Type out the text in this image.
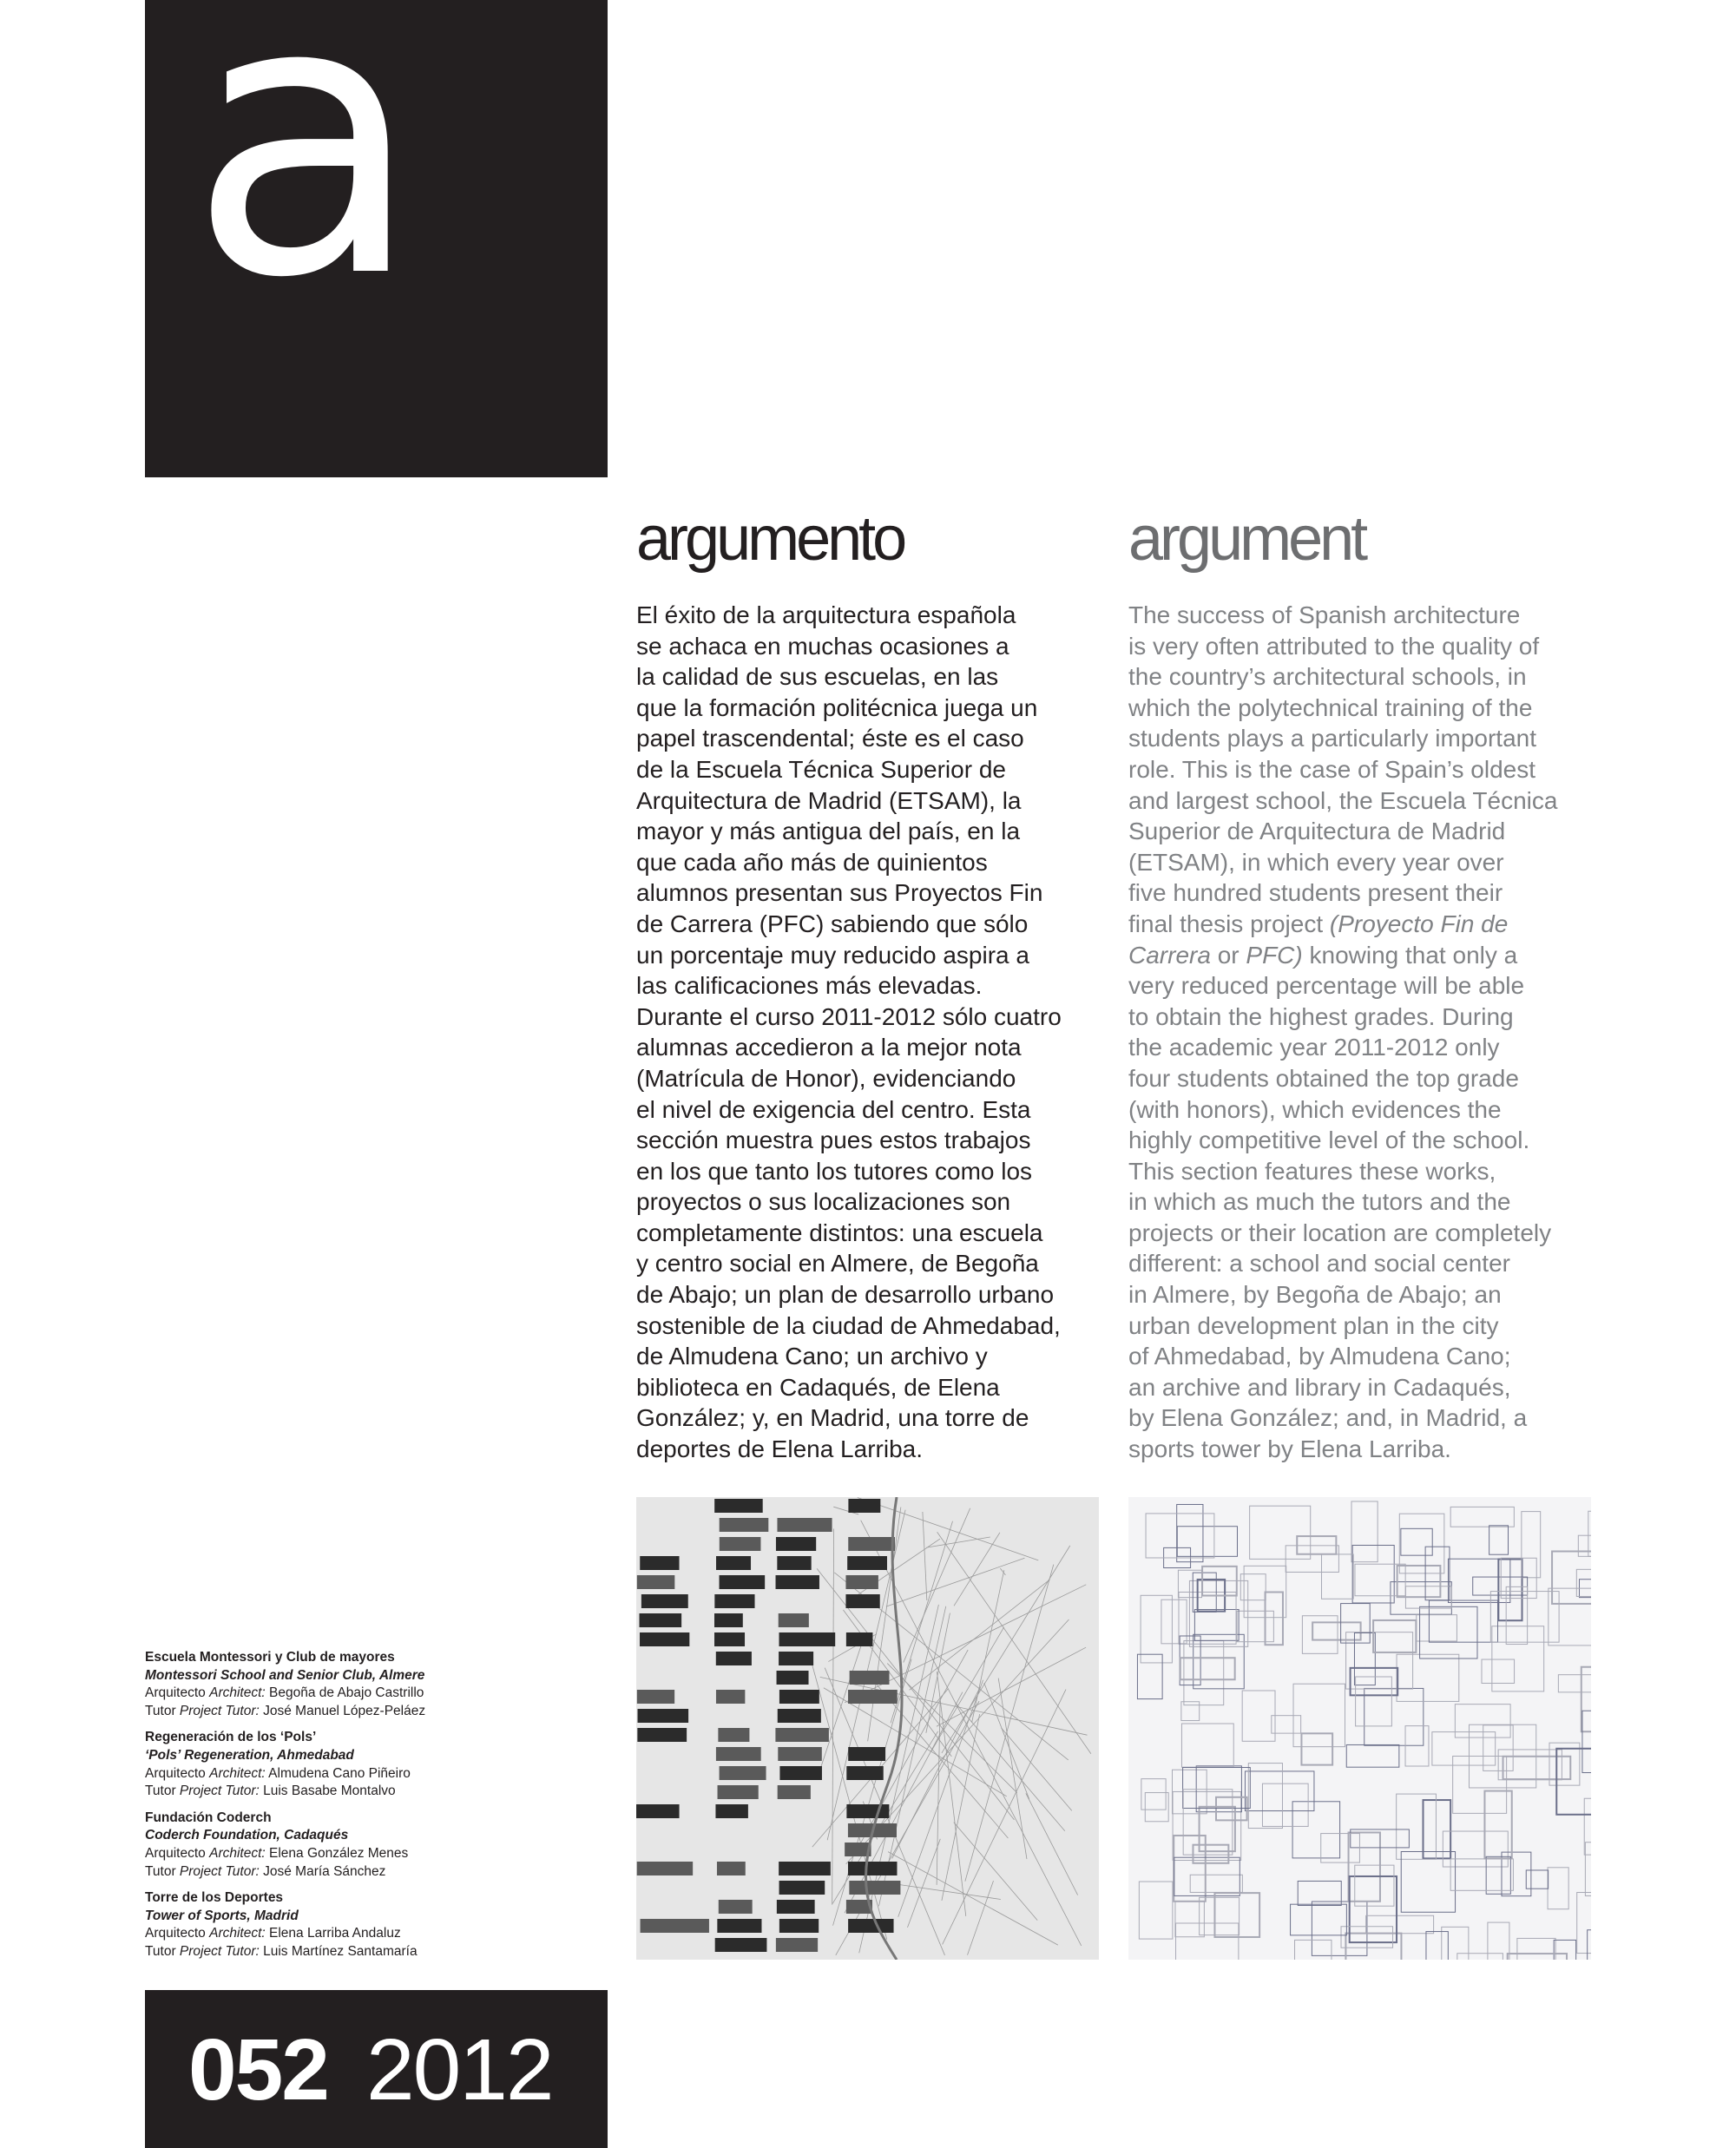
a
argumento	argument
El éxito de la arquitectura española
se achaca en muchas ocasiones a
la calidad de sus escuelas, en las
que la formación politécnica juega un
papel trascendental; éste es el caso
de la Escuela Técnica Superior de
Arquitectura de Madrid (ETSAM), la
mayor y más antigua del país, en la
que cada año más de quinientos
alumnos presentan sus Proyectos Fin
de Carrera (PFC) sabiendo que sólo
un porcentaje muy reducido aspira a
las calificaciones más elevadas.
Durante el curso 2011-2012 sólo cuatro
alumnas accedieron a la mejor nota
(Matrícula de Honor), evidenciando
el nivel de exigencia del centro. Esta
sección muestra pues estos trabajos
en los que tanto los tutores como los
proyectos o sus localizaciones son
completamente distintos: una escuela
y centro social en Almere, de Begoña
de Abajo; un plan de desarrollo urbano
sostenible de la ciudad de Ahmedabad,
de Almudena Cano; un archivo y
biblioteca en Cadaqués, de Elena
González; y, en Madrid, una torre de
deportes de Elena Larriba.
The success of Spanish architecture
is very often attributed to the quality of
the country’s architectural schools, in
which the polytechnical training of the
students plays a particularly important
role. This is the case of Spain’s oldest
and largest school, the Escuela Técnica
Superior de Arquitectura de Madrid
(ETSAM), in which every year over
five hundred students present their
final thesis project (Proyecto Fin de
Carrera or PFC) knowing that only a
very reduced percentage will be able
to obtain the highest grades. During
the academic year 2011-2012 only
four students obtained the top grade
(with honors), which evidences the
highly competitive level of the school.
This section features these works,
in which as much the tutors and the
projects or their location are completely
different: a school and social center
in Almere, by Begoña de Abajo; an
urban development plan in the city
of Ahmedabad, by Almudena Cano;
an archive and library in Cadaqués,
by Elena González; and, in Madrid, a
sports tower by Elena Larriba.
Escuela Montessori y Club de mayores
Montessori School and Senior Club, Almere
Arquitecto Architect: Begoña de Abajo Castrillo
Tutor Project Tutor: José Manuel López-Peláez
Regeneración de los ‘Pols’
‘Pols’ Regeneration, Ahmedabad
Arquitecto Architect: Almudena Cano Piñeiro
Tutor Project Tutor: Luis Basabe Montalvo
Fundación Coderch
Coderch Foundation, Cadaqués
Arquitecto Architect: Elena González Menes
Tutor Project Tutor: José María Sánchez
Torre de los Deportes
Tower of Sports, Madrid
Arquitecto Architect: Elena Larriba Andaluz
Tutor Project Tutor: Luis Martínez Santamaría
052 2012
